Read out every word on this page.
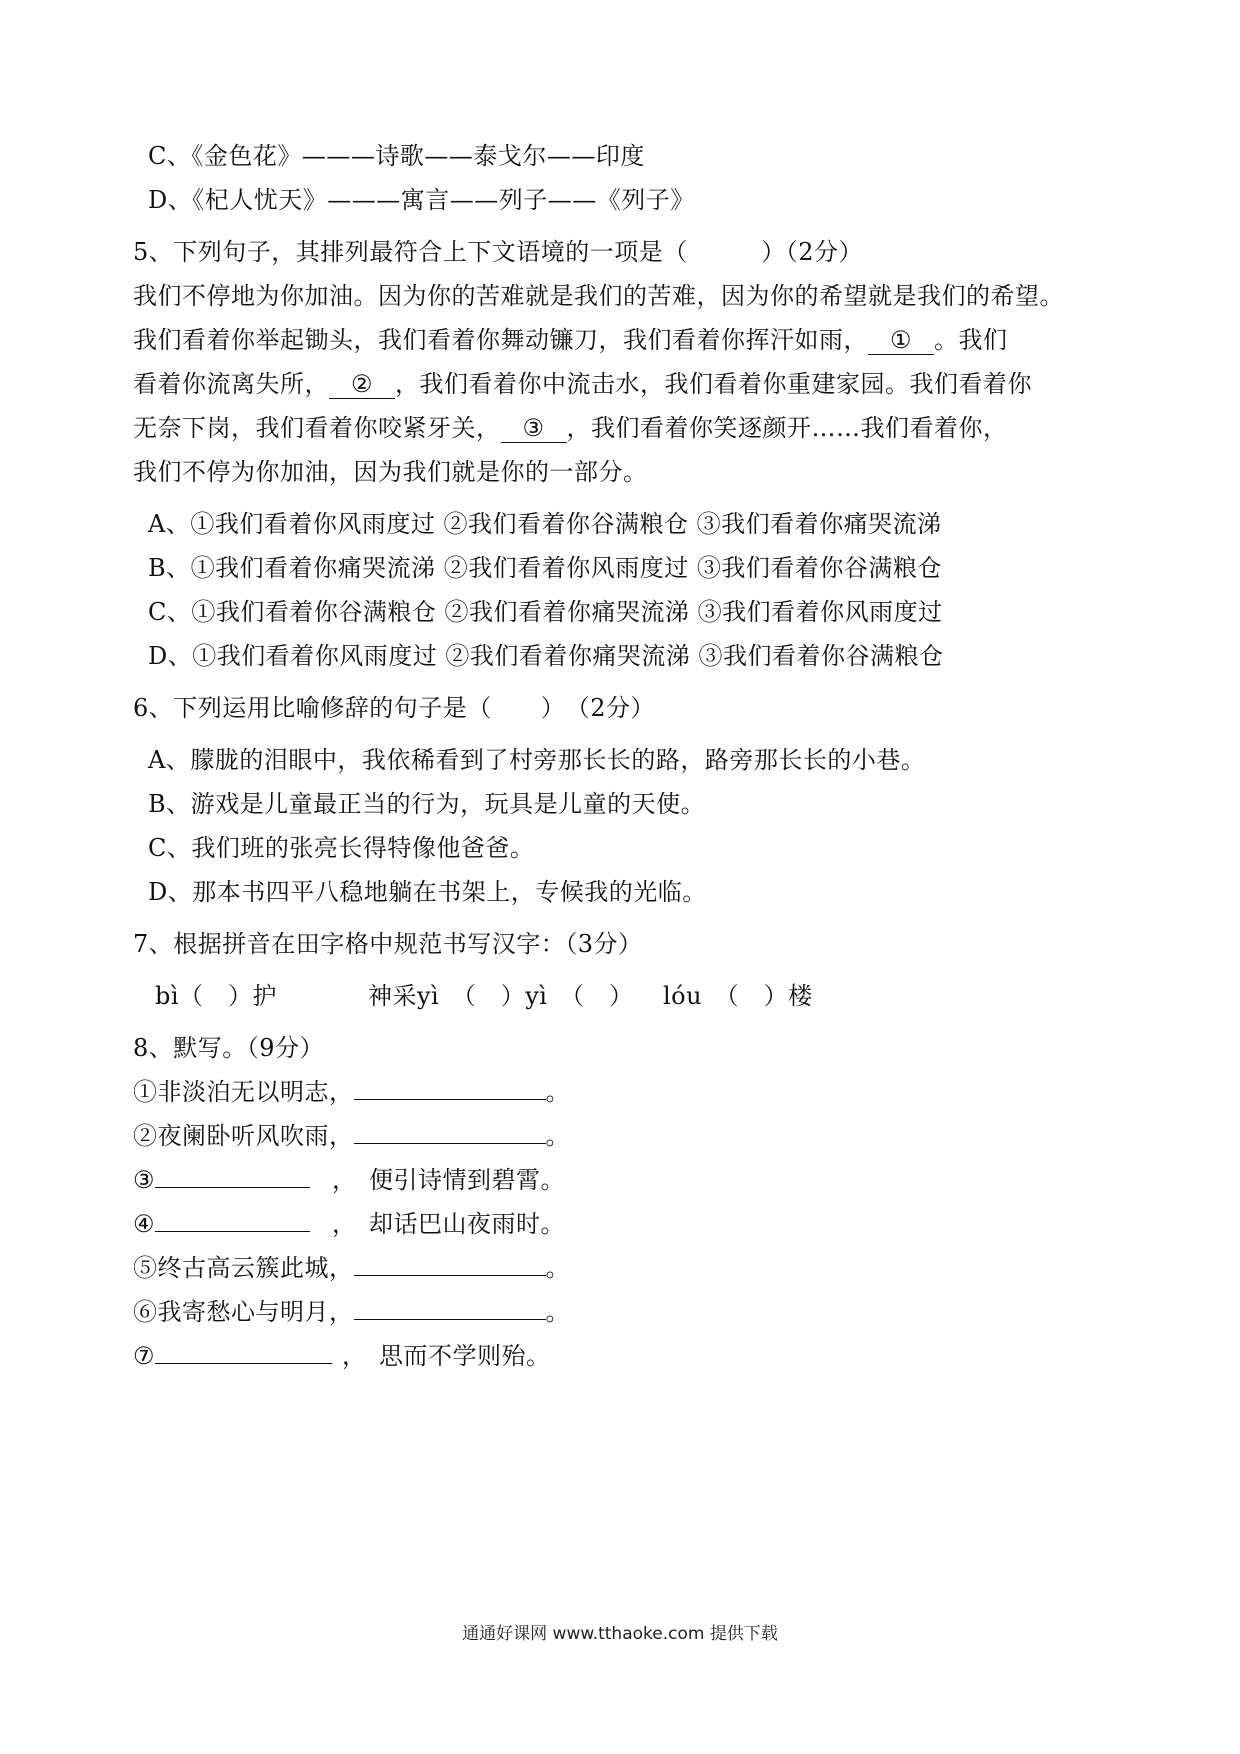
C、《金色花》———诗歌——泰戈尔——印度
D、《杞人忧天》———寓言——列子——《列子》
5、下列句子，其排列最符合上下文语境的一项是（　　　）（2分）
我们不停地为你加油。因为你的苦难就是我们的苦难，因为你的希望就是我们的希望。
我们看着你举起锄头，我们看着你舞动镰刀，我们看着你挥汗如雨， ① 。我们
看着你流离失所， ② ，我们看着你中流击水，我们看着你重建家园。我们看着你
无奈下岗，我们看着你咬紧牙关， ③ ，我们看着你笑逐颜开……我们看着你，
我们不停为你加油，因为我们就是你的一部分。
A、①我们看着你风雨度过 ②我们看着你谷满粮仓 ③我们看着你痛哭流涕
B、①我们看着你痛哭流涕 ②我们看着你风雨度过 ③我们看着你谷满粮仓
C、①我们看着你谷满粮仓 ②我们看着你痛哭流涕 ③我们看着你风雨度过
D、①我们看着你风雨度过 ②我们看着你痛哭流涕 ③我们看着你谷满粮仓
6、下列运用比喻修辞的句子是（　　）　（2分）
A、朦胧的泪眼中，我依稀看到了村旁那长长的路，路旁那长长的小巷。
B、游戏是儿童最正当的行为，玩具是儿童的天使。
C、我们班的张亮长得特像他爸爸。
D、那本书四平八稳地躺在书架上，专候我的光临。
7、根据拼音在田字格中规范书写汉字：（3分）
bì（　）护	神采yì　（　）yì　（　） lóu　（　）楼
8、默写。（9分）
①非淡泊无以明志，	。
②夜阑卧听风吹雨，	。
③	，　便引诗情到碧霄。
④	，　却话巴山夜雨时。
⑤终古高云簇此城，	。
⑥我寄愁心与明月，	。
⑦	，　思而不学则殆。
通通好课网 www.tthaoke.com 提供下载
